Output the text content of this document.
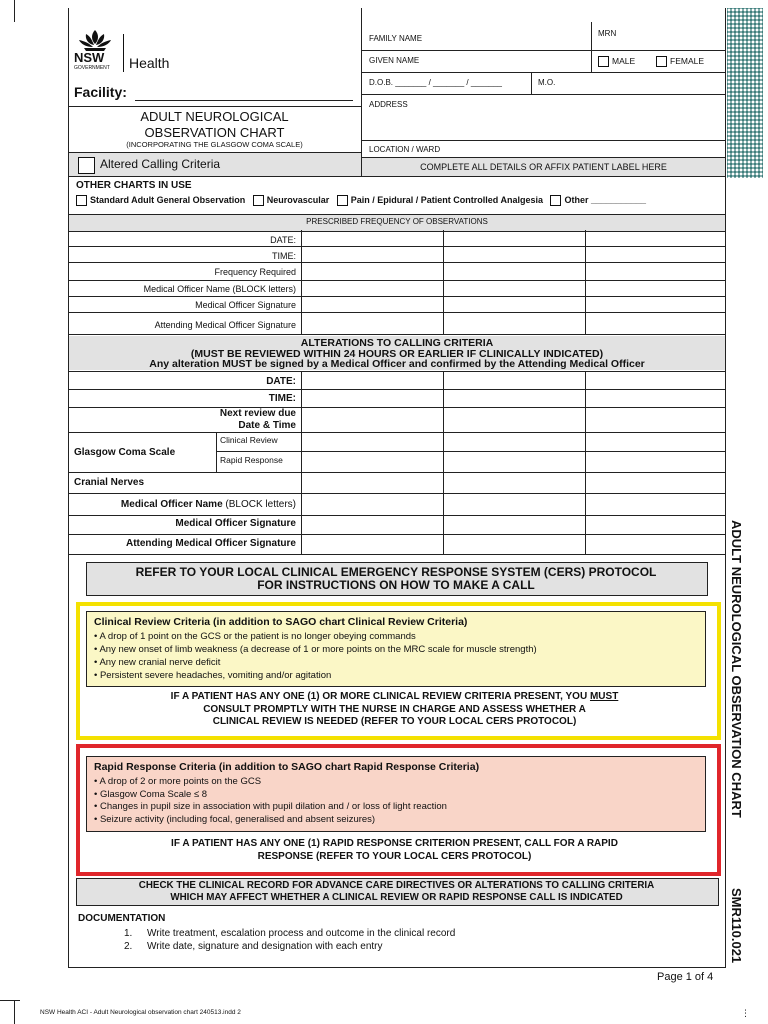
NSW
GOVERNMENT Health
Facility:
ADULT NEUROLOGICAL
OBSERVATION CHART
(INCORPORATING THE GLASGOW COMA SCALE)
Altered Calling Criteria
FAMILY NAME
MRN
GIVEN NAME	MALE	FEMALE
D.O.B. _______ / _______ / _______	M.O.
ADDRESS
LOCATION / WARD
COMPLETE ALL DETAILS OR AFFIX PATIENT LABEL HERE
OTHER CHARTS IN USE
Standard Adult General Observation Neurovascular Pain / Epidural / Patient Controlled Analgesia Other ___________
PRESCRIBED FREQUENCY OF OBSERVATIONS
DATE:
TIME:
Frequency Required
Medical Officer Name (BLOCK letters)
Medical Officer Signature
Attending Medical Officer Signature
ALTERATIONS TO CALLING CRITERIA
(MUST BE REVIEWED WITHIN 24 HOURS OR EARLIER IF CLINICALLY INDICATED)
Any alteration MUST be signed by a Medical Officer and confirmed by the Attending Medical Officer
DATE:
TIME:
Next review due
Date & Time
Glasgow Coma Scale
Clinical Review
Rapid Response
Cranial Nerves
Medical Officer Name (BLOCK letters)
Medical Officer Signature
Attending Medical Officer Signature
REFER TO YOUR LOCAL CLINICAL EMERGENCY RESPONSE SYSTEM (CERS) PROTOCOL
FOR INSTRUCTIONS ON HOW TO MAKE A CALL
Clinical Review Criteria (in addition to SAGO chart Clinical Review Criteria)
• A drop of 1 point on the GCS or the patient is no longer obeying commands
• Any new onset of limb weakness (a decrease of 1 or more points on the MRC scale for muscle strength)
• Any new cranial nerve deficit
• Persistent severe headaches, vomiting and/or agitation
IF A PATIENT HAS ANY ONE (1) OR MORE CLINICAL REVIEW CRITERIA PRESENT, YOU MUST
CONSULT PROMPTLY WITH THE NURSE IN CHARGE AND ASSESS WHETHER A
CLINICAL REVIEW IS NEEDED (REFER TO YOUR LOCAL CERS PROTOCOL)
Rapid Response Criteria (in addition to SAGO chart Rapid Response Criteria)
• A drop of 2 or more points on the GCS
• Glasgow Coma Scale ≤ 8
• Changes in pupil size in association with pupil dilation and / or loss of light reaction
• Seizure activity (including focal, generalised and absent seizures)
IF A PATIENT HAS ANY ONE (1) RAPID RESPONSE CRITERION PRESENT, CALL FOR A RAPID
RESPONSE (REFER TO YOUR LOCAL CERS PROTOCOL)
CHECK THE CLINICAL RECORD FOR ADVANCE CARE DIRECTIVES OR ALTERATIONS TO CALLING CRITERIA
WHICH MAY AFFECT WHETHER A CLINICAL REVIEW OR RAPID RESPONSE CALL IS INDICATED
DOCUMENTATION
1. Write treatment, escalation process and outcome in the clinical record
2. Write date, signature and designation with each entry
Page 1 of 4
ADULT NEUROLOGICAL OBSERVATION CHART
SMR110.021
NSW Health ACI - Adult Neurological observation chart 240513.indd 2	⋮
